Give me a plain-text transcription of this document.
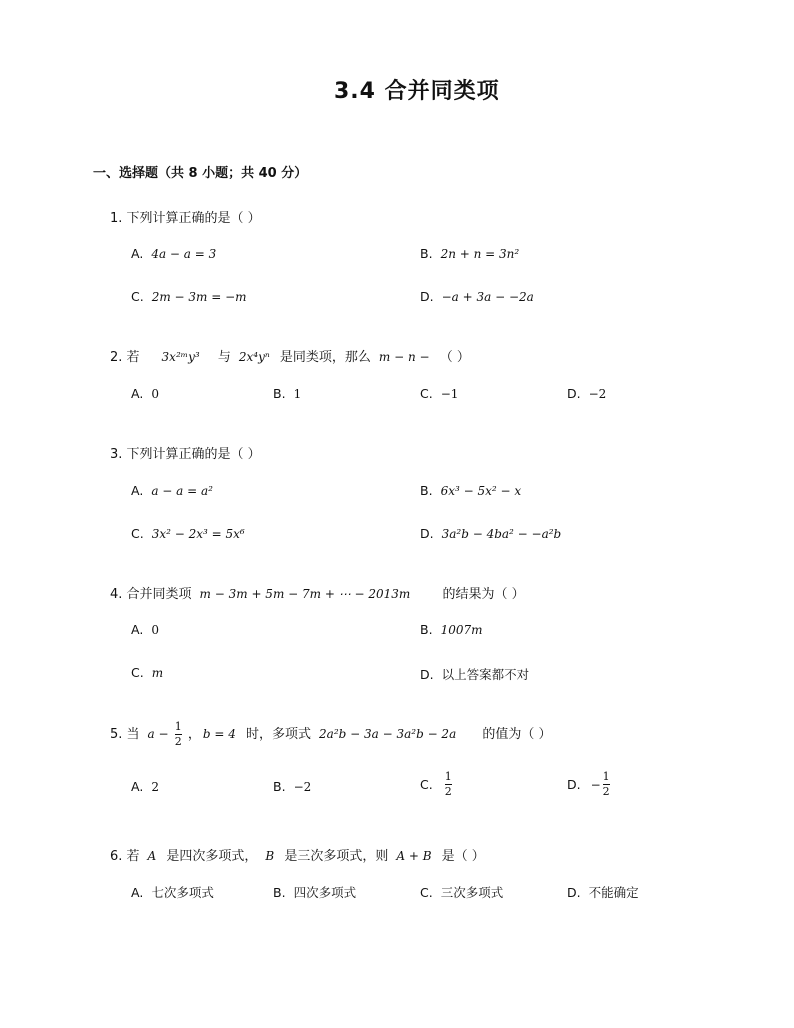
3.4 合并同类项
一、选择题（共 8 小题；共 40 分）
1. 下列计算正确的是（ ）
A. 4a − a = 3	B. 2n + n = 3n²
C. 2m − 3m = −m	D. −a + 3a − −2a
2. 若 3x²ᵐy³ 与 2x⁴yⁿ 是同类项，那么 m − n − （ ）
A. 0	B. 1	C. −1	D. −2
3. 下列计算正确的是（ ）
A. a − a = a²	B. 6x³ − 5x² − x
C. 3x² − 2x³ = 5x⁶	D. 3a²b − 4ba² − −a²b
4. 合并同类项 m − 3m + 5m − 7m + ⋯ − 2013m 的结果为（ ）
A. 0	B. 1007m
C. m	D. 以上答案都不对
5. 当 $a - \frac{1}{2}$ ， b = 4 时，多项式 2a²b − 3a − 3a²b − 2a 的值为（ ）
A. 2	B. −2	C. $\frac{1}{2}$	D. − $\frac{1}{2}$
6. 若 A 是四次多项式， B 是三次多项式，则 A + B 是（ ）
A. 七次多项式	B. 四次多项式	C. 三次多项式	D. 不能确定
